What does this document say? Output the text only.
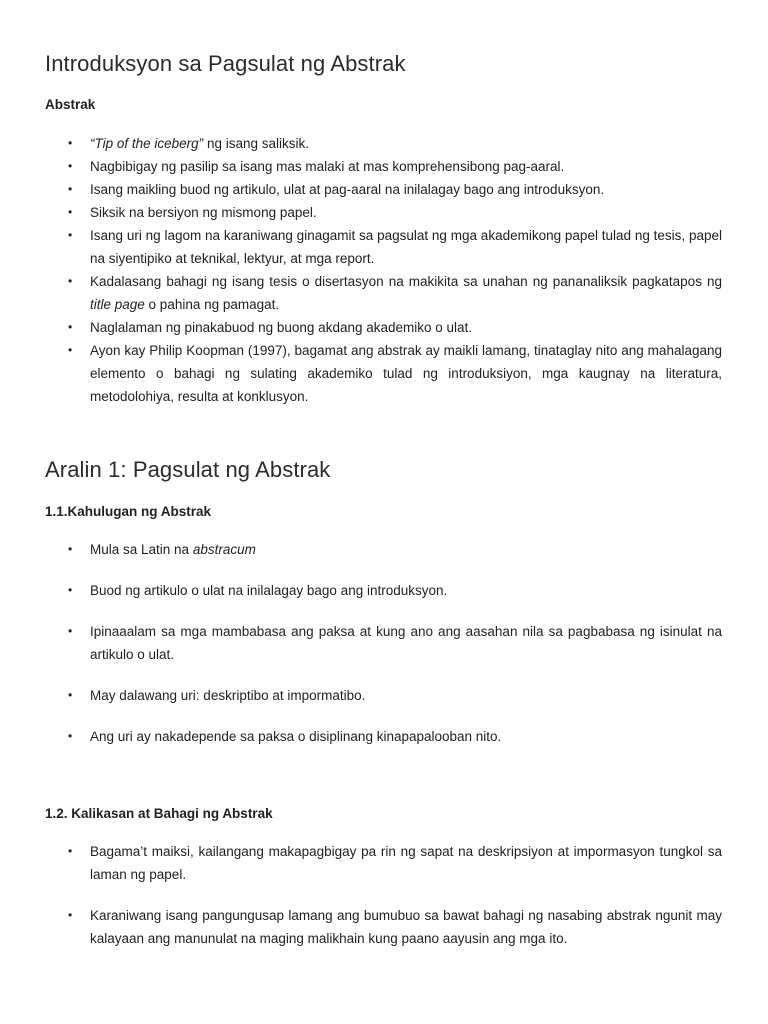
Introduksyon sa Pagsulat ng Abstrak
Abstrak
• “Tip of the iceberg” ng isang saliksik.
• Nagbibigay ng pasilip sa isang mas malaki at mas komprehensibong pag-aaral.
• Isang maikling buod ng artikulo, ulat at pag-aaral na inilalagay bago ang introduksyon.
• Siksik na bersiyon ng mismong papel.
• Isang uri ng lagom na karaniwang ginagamit sa pagsulat ng mga akademikong papel tulad ng tesis, papel na siyentipiko at teknikal, lektyur, at mga report.
• Kadalasang bahagi ng isang tesis o disertasyon na makikita sa unahan ng pananaliksik pagkatapos ng title page o pahina ng pamagat.
• Naglalaman ng pinakabuod ng buong akdang akademiko o ulat.
• Ayon kay Philip Koopman (1997), bagamat ang abstrak ay maikli lamang, tinataglay nito ang mahalagang elemento o bahagi ng sulating akademiko tulad ng introduksiyon, mga kaugnay na literatura, metodolohiya, resulta at konklusyon.
Aralin 1: Pagsulat ng Abstrak
1.1.Kahulugan ng Abstrak
• Mula sa Latin na abstracum
• Buod ng artikulo o ulat na inilalagay bago ang introduksyon.
• Ipinaaalam sa mga mambabasa ang paksa at kung ano ang aasahan nila sa pagbabasa ng isinulat na artikulo o ulat.
• May dalawang uri: deskriptibo at impormatibo.
• Ang uri ay nakadepende sa paksa o disiplinang kinapapalooban nito.
1.2. Kalikasan at Bahagi ng Abstrak
• Bagama’t maiksi, kailangang makapagbigay pa rin ng sapat na deskripsiyon at impormasyon tungkol sa laman ng papel.
• Karaniwang isang pangungusap lamang ang bumubuo sa bawat bahagi ng nasabing abstrak ngunit may kalayaan ang manunulat na maging malikhain kung paano aayusin ang mga ito.
